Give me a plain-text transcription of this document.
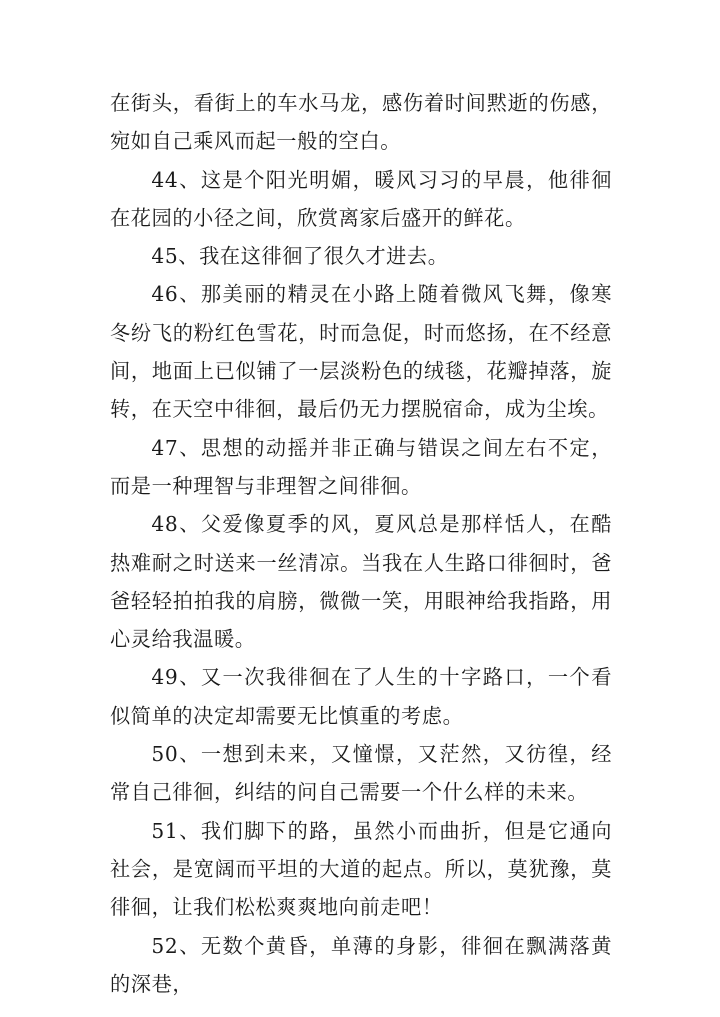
在街头，看街上的车水马龙，感伤着时间黙逝的伤感，宛如自己乘风而起一般的空白。

44、这是个阳光明媚，暖风习习的早晨，他徘徊在花园的小径之间，欣赏离家后盛开的鲜花。

45、我在这徘徊了很久才进去。

46、那美丽的精灵在小路上随着微风飞舞，像寒冬纷飞的粉红色雪花，时而急促，时而悠扬，在不经意间，地面上已似铺了一层淡粉色的绒毯，花瓣掉落，旋转，在天空中徘徊，最后仍无力摆脱宿命，成为尘埃。

47、思想的动摇并非正确与错误之间左右不定，而是一种理智与非理智之间徘徊。

48、父爱像夏季的风，夏风总是那样恬人，在酷热难耐之时送来一丝清凉。当我在人生路口徘徊时，爸爸轻轻拍拍我的肩膀，微微一笑，用眼神给我指路，用心灵给我温暖。

49、又一次我徘徊在了人生的十字路口，一个看似简单的决定却需要无比慎重的考虑。

50、一想到未来，又憧憬，又茫然，又彷徨，经常自己徘徊，纠结的问自己需要一个什么样的未来。

51、我们脚下的路，虽然小而曲折，但是它通向社会，是宽阔而平坦的大道的起点。所以，莫犹豫，莫徘徊，让我们松松爽爽地向前走吧！

52、无数个黄昏，单薄的身影，徘徊在飘满落黄的深巷，
